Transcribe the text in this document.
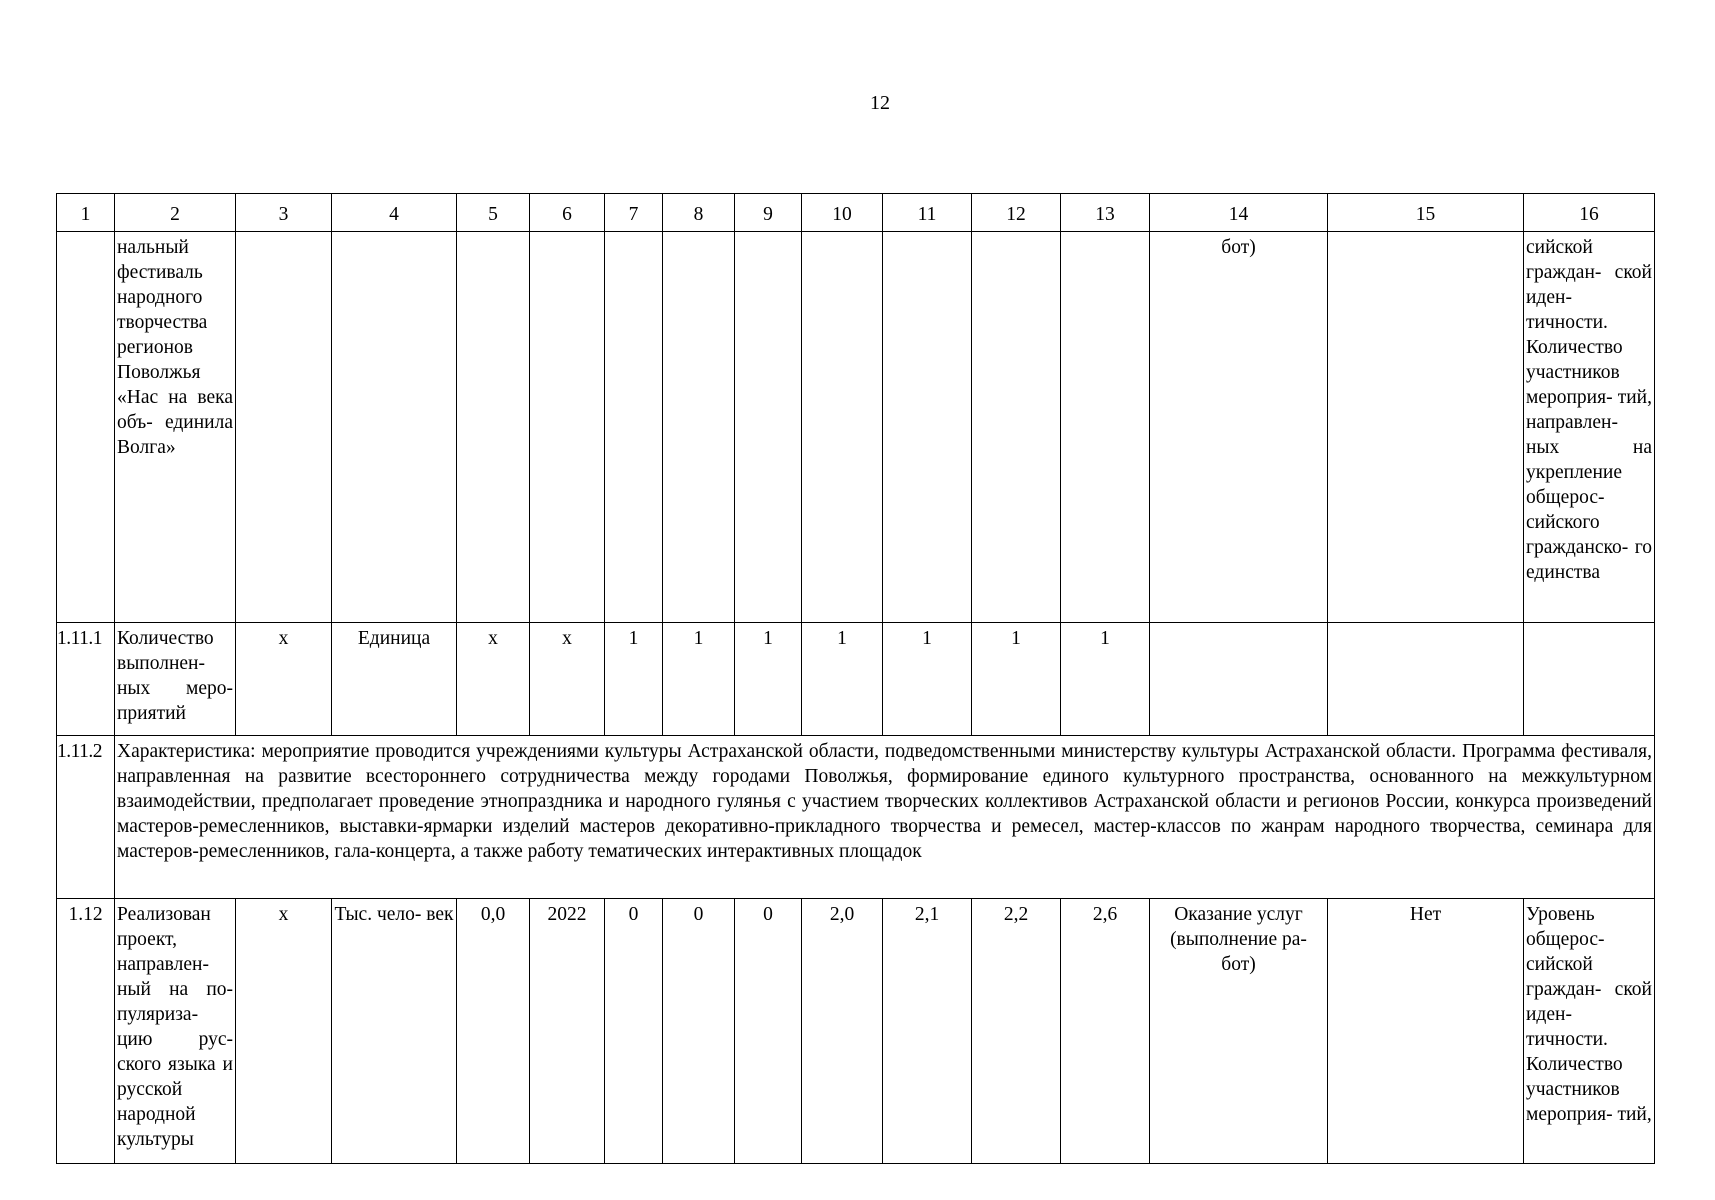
12
1	2	3	4	5	6	7	8	9	10	11	12	13	14	15	16
	нальный фестиваль народного творчества регионов Поволжья «Нас на века объ- единила Волга»												бот)		сийской граждан- ской иден- тичности. Количество участников мероприя- тий, направлен- ных на укрепление общерос- сийского гражданско- го единства
1.11.1	Количество выполнен- ных меро- приятий	x	Единица	x	x	1	1	1	1	1	1	1			
1.11.2	Характеристика: мероприятие проводится учреждениями культуры Астраханской области, подведомственными министерству культуры Астраханской области. Программа фестиваля, направленная на развитие всестороннего сотрудничества между городами Поволжья, формирование единого культурного пространства, основанного на межкультурном взаимодействии, предполагает проведение этнопраздника и народного гулянья с участием творческих коллективов Астраханской области и регионов России, конкурса произведений мастеров-ремесленников, выставки-ярмарки изделий мастеров декоративно-прикладного творчества и ремесел, мастер-классов по жанрам народного творчества, семинара для мастеров-ремесленников, гала-концерта, а также работу тематических интерактивных площадок														
1.12	Реализован проект, направлен- ный на по- пуляриза- цию рус- ского языка и русской народной культуры	x	Тыс. чело- век	0,0	2022	0	0	0	2,0	2,1	2,2	2,6	Оказание услуг (выполнение ра- бот)	Нет	Уровень общерос- сийской граждан- ской иден- тичности. Количество участников мероприя- тий,
